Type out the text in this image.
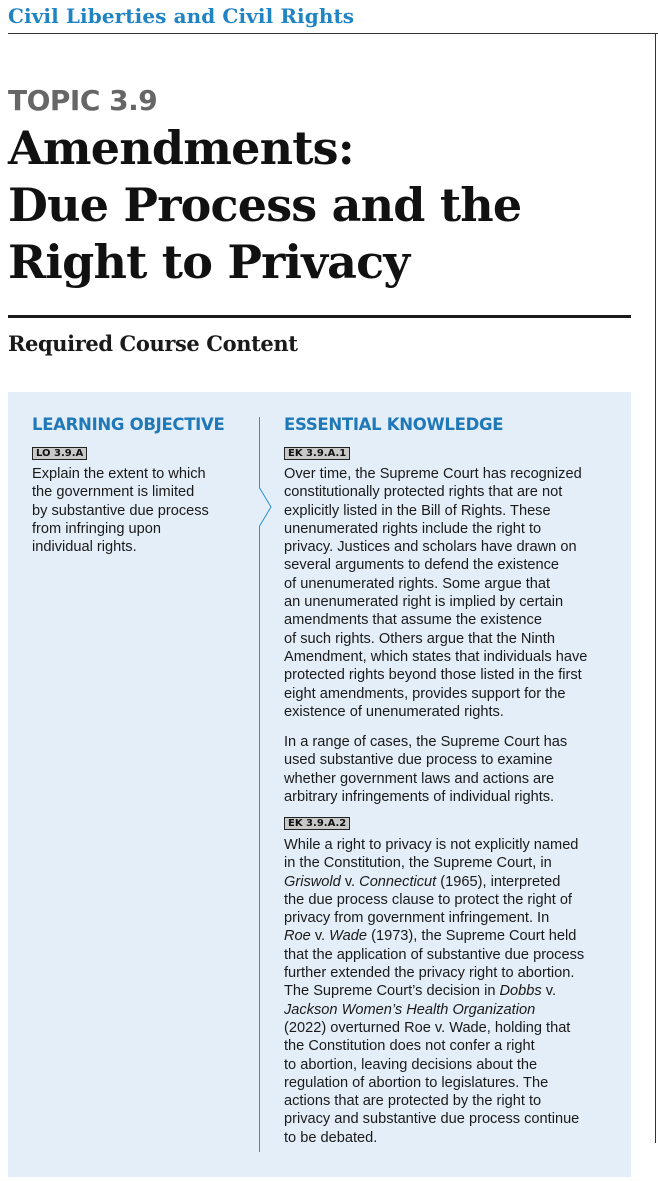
Civil Liberties and Civil Rights
TOPIC 3.9
Amendments:
Due Process and the
Right to Privacy
Required Course Content
LEARNING OBJECTIVE
LO 3.9.A
Explain the extent to which
the government is limited
by substantive due process
from infringing upon
individual rights.
ESSENTIAL KNOWLEDGE
EK 3.9.A.1
Over time, the Supreme Court has recognized
constitutionally protected rights that are not
explicitly listed in the Bill of Rights. These
unenumerated rights include the right to
privacy. Justices and scholars have drawn on
several arguments to defend the existence
of unenumerated rights. Some argue that
an unenumerated right is implied by certain
amendments that assume the existence
of such rights. Others argue that the Ninth
Amendment, which states that individuals have
protected rights beyond those listed in the first
eight amendments, provides support for the
existence of unenumerated rights.
In a range of cases, the Supreme Court has
used substantive due process to examine
whether government laws and actions are
arbitrary infringements of individual rights.
EK 3.9.A.2
While a right to privacy is not explicitly named
in the Constitution, the Supreme Court, in
Griswold v. Connecticut (1965), interpreted
the due process clause to protect the right of
privacy from government infringement. In
Roe v. Wade (1973), the Supreme Court held
that the application of substantive due process
further extended the privacy right to abortion.
The Supreme Court’s decision in Dobbs v.
Jackson Women’s Health Organization
(2022) overturned Roe v. Wade, holding that
the Constitution does not confer a right
to abortion, leaving decisions about the
regulation of abortion to legislatures. The
actions that are protected by the right to
privacy and substantive due process continue
to be debated.
